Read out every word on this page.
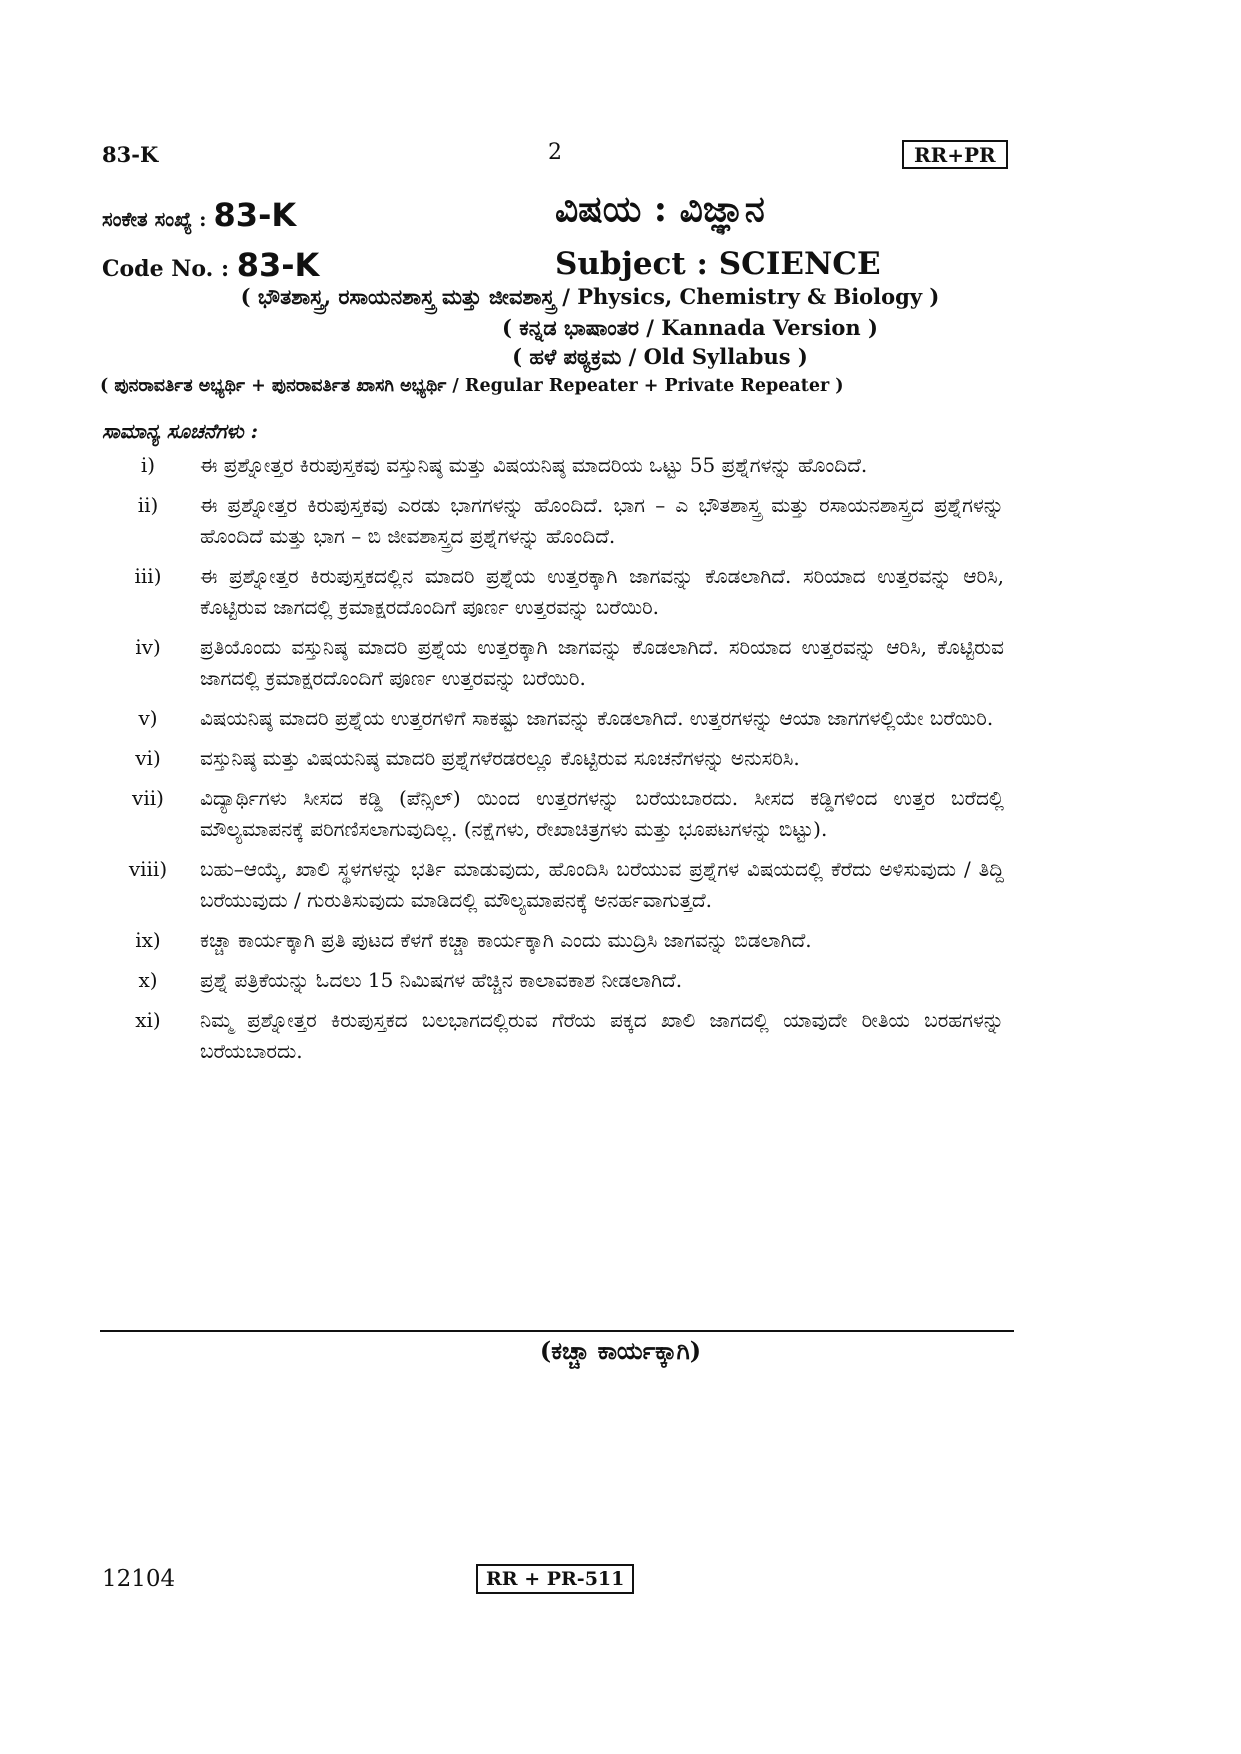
83-K	2	RR+PR
ಸಂಕೇತ ಸಂಖ್ಯೆ : 83-K	ವಿಷಯ : ವಿಜ್ಞಾನ
Code No. : 83-K	Subject : SCIENCE
( ಭೌತಶಾಸ್ತ್ರ, ರಸಾಯನಶಾಸ್ತ್ರ ಮತ್ತು ಜೀವಶಾಸ್ತ್ರ / Physics, Chemistry & Biology )
( ಕನ್ನಡ ಭಾಷಾಂತರ / Kannada Version )
( ಹಳೆ ಪಠ್ಯಕ್ರಮ / Old Syllabus )
( ಪುನರಾವರ್ತಿತ ಅಭ್ಯರ್ಥಿ + ಪುನರಾವರ್ತಿತ ಖಾಸಗಿ ಅಭ್ಯರ್ಥಿ / Regular Repeater + Private Repeater )
ಸಾಮಾನ್ಯ ಸೂಚನೆಗಳು :
i)	ಈ ಪ್ರಶ್ನೋತ್ತರ ಕಿರುಪುಸ್ತಕವು ವಸ್ತುನಿಷ್ಠ ಮತ್ತು ವಿಷಯನಿಷ್ಠ ಮಾದರಿಯ ಒಟ್ಟು 55 ಪ್ರಶ್ನೆಗಳನ್ನು ಹೊಂದಿದೆ.
ii)	ಈ ಪ್ರಶ್ನೋತ್ತರ ಕಿರುಪುಸ್ತಕವು ಎರಡು ಭಾಗಗಳನ್ನು ಹೊಂದಿದೆ. ಭಾಗ – ಎ ಭೌತಶಾಸ್ತ್ರ ಮತ್ತು ರಸಾಯನಶಾಸ್ತ್ರದ ಪ್ರಶ್ನೆಗಳನ್ನು ಹೊಂದಿದೆ ಮತ್ತು ಭಾಗ – ಬಿ ಜೀವಶಾಸ್ತ್ರದ ಪ್ರಶ್ನೆಗಳನ್ನು ಹೊಂದಿದೆ.
iii)	ಈ ಪ್ರಶ್ನೋತ್ತರ ಕಿರುಪುಸ್ತಕದಲ್ಲಿನ ಮಾದರಿ ಪ್ರಶ್ನೆಯ ಉತ್ತರಕ್ಕಾಗಿ ಜಾಗವನ್ನು ಕೊಡಲಾಗಿದೆ. ಸರಿಯಾದ ಉತ್ತರವನ್ನು ಆರಿಸಿ, ಕೊಟ್ಟಿರುವ ಜಾಗದಲ್ಲಿ ಕ್ರಮಾಕ್ಷರದೊಂದಿಗೆ ಪೂರ್ಣ ಉತ್ತರವನ್ನು ಬರೆಯಿರಿ.
iv)	ಪ್ರತಿಯೊಂದು ವಸ್ತುನಿಷ್ಠ ಮಾದರಿ ಪ್ರಶ್ನೆಯ ಉತ್ತರಕ್ಕಾಗಿ ಜಾಗವನ್ನು ಕೊಡಲಾಗಿದೆ. ಸರಿಯಾದ ಉತ್ತರವನ್ನು ಆರಿಸಿ, ಕೊಟ್ಟಿರುವ ಜಾಗದಲ್ಲಿ ಕ್ರಮಾಕ್ಷರದೊಂದಿಗೆ ಪೂರ್ಣ ಉತ್ತರವನ್ನು ಬರೆಯಿರಿ.
v)	ವಿಷಯನಿಷ್ಠ ಮಾದರಿ ಪ್ರಶ್ನೆಯ ಉತ್ತರಗಳಿಗೆ ಸಾಕಷ್ಟು ಜಾಗವನ್ನು ಕೊಡಲಾಗಿದೆ. ಉತ್ತರಗಳನ್ನು ಆಯಾ ಜಾಗಗಳಲ್ಲಿಯೇ ಬರೆಯಿರಿ.
vi)	ವಸ್ತುನಿಷ್ಠ ಮತ್ತು ವಿಷಯನಿಷ್ಠ ಮಾದರಿ ಪ್ರಶ್ನೆಗಳೆರಡರಲ್ಲೂ ಕೊಟ್ಟಿರುವ ಸೂಚನೆಗಳನ್ನು ಅನುಸರಿಸಿ.
vii)	ವಿದ್ಯಾರ್ಥಿಗಳು ಸೀಸದ ಕಡ್ಡಿ (ಪೆನ್ಸಿಲ್) ಯಿಂದ ಉತ್ತರಗಳನ್ನು ಬರೆಯಬಾರದು. ಸೀಸದ ಕಡ್ಡಿಗಳಿಂದ ಉತ್ತರ ಬರೆದಲ್ಲಿ ಮೌಲ್ಯಮಾಪನಕ್ಕೆ ಪರಿಗಣಿಸಲಾಗುವುದಿಲ್ಲ. (ನಕ್ಷೆಗಳು, ರೇಖಾಚಿತ್ರಗಳು ಮತ್ತು ಭೂಪಟಗಳನ್ನು ಬಿಟ್ಟು).
viii)	ಬಹು–ಆಯ್ಕೆ, ಖಾಲಿ ಸ್ಥಳಗಳನ್ನು ಭರ್ತಿ ಮಾಡುವುದು, ಹೊಂದಿಸಿ ಬರೆಯುವ ಪ್ರಶ್ನೆಗಳ ವಿಷಯದಲ್ಲಿ ಕೆರೆದು ಅಳಿಸುವುದು / ತಿದ್ದಿ ಬರೆಯುವುದು / ಗುರುತಿಸುವುದು ಮಾಡಿದಲ್ಲಿ ಮೌಲ್ಯಮಾಪನಕ್ಕೆ ಅನರ್ಹವಾಗುತ್ತದೆ.
ix)	ಕಚ್ಚಾ ಕಾರ್ಯಕ್ಕಾಗಿ ಪ್ರತಿ ಪುಟದ ಕೆಳಗೆ ಕಚ್ಚಾ ಕಾರ್ಯಕ್ಕಾಗಿ ಎಂದು ಮುದ್ರಿಸಿ ಜಾಗವನ್ನು ಬಿಡಲಾಗಿದೆ.
x)	ಪ್ರಶ್ನೆ ಪತ್ರಿಕೆಯನ್ನು ಓದಲು 15 ನಿಮಿಷಗಳ ಹೆಚ್ಚಿನ ಕಾಲಾವಕಾಶ ನೀಡಲಾಗಿದೆ.
xi)	ನಿಮ್ಮ ಪ್ರಶ್ನೋತ್ತರ ಕಿರುಪುಸ್ತಕದ ಬಲಭಾಗದಲ್ಲಿರುವ ಗೆರೆಯ ಪಕ್ಕದ ಖಾಲಿ ಜಾಗದಲ್ಲಿ ಯಾವುದೇ ರೀತಿಯ ಬರಹಗಳನ್ನು ಬರೆಯಬಾರದು.
(ಕಚ್ಚಾ ಕಾರ್ಯಕ್ಕಾಗಿ)
12104	RR + PR-511
